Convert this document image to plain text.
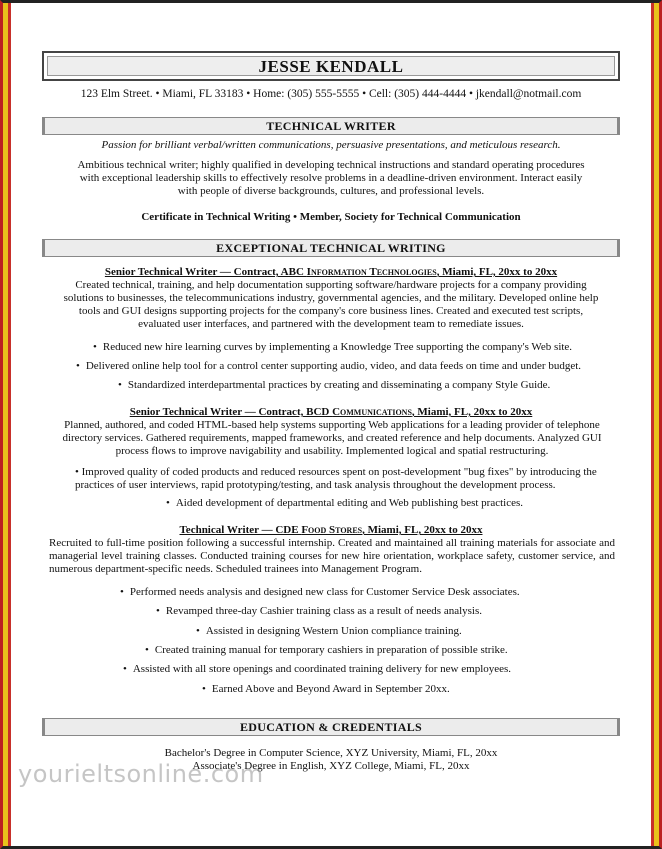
JESSE KENDALL
123 Elm Street. • Miami, FL 33183 • Home: (305) 555-5555 • Cell: (305) 444-4444 • jkendall@notmail.com
TECHNICAL WRITER
Passion for brilliant verbal/written communications, persuasive presentations, and meticulous research.
Ambitious technical writer; highly qualified in developing technical instructions and standard operating procedures with exceptional leadership skills to effectively resolve problems in a deadline-driven environment. Interact easily with people of diverse backgrounds, cultures, and professional levels.
Certificate in Technical Writing • Member, Society for Technical Communication
EXCEPTIONAL TECHNICAL WRITING
Senior Technical Writer — Contract, ABC Information Technologies, Miami, FL, 20xx to 20xx
Created technical, training, and help documentation supporting software/hardware projects for a company providing solutions to businesses, the telecommunications industry, governmental agencies, and the military. Developed online help tools and GUI designs supporting projects for the company's core business lines. Created and executed test scripts, evaluated user interfaces, and partnered with the development team to remediate issues.
• Reduced new hire learning curves by implementing a Knowledge Tree supporting the company's Web site.
• Delivered online help tool for a control center supporting audio, video, and data feeds on time and under budget.
• Standardized interdepartmental practices by creating and disseminating a company Style Guide.
Senior Technical Writer — Contract, BCD Communications, Miami, FL, 20xx to 20xx
Planned, authored, and coded HTML-based help systems supporting Web applications for a leading provider of telephone directory services. Gathered requirements, mapped frameworks, and created reference and help documents. Analyzed GUI process flows to improve navigability and usability. Implemented logical and spatial restructuring.
• Improved quality of coded products and reduced resources spent on post-development "bug fixes" by introducing the practices of user interviews, rapid prototyping/testing, and task analysis throughout the development process.
• Aided development of departmental editing and Web publishing best practices.
Technical Writer — CDE Food Stores, Miami, FL, 20xx to 20xx
Recruited to full-time position following a successful internship. Created and maintained all training materials for associate and managerial level training classes. Conducted training courses for new hire orientation, workplace safety, customer service, and numerous department-specific needs. Scheduled trainees into Management Program.
• Performed needs analysis and designed new class for Customer Service Desk associates.
• Revamped three-day Cashier training class as a result of needs analysis.
• Assisted in designing Western Union compliance training.
• Created training manual for temporary cashiers in preparation of possible strike.
• Assisted with all store openings and coordinated training delivery for new employees.
• Earned Above and Beyond Award in September 20xx.
EDUCATION & CREDENTIALS
Bachelor's Degree in Computer Science, XYZ University, Miami, FL, 20xx
Associate's Degree in English, XYZ College, Miami, FL, 20xx
yourieltsonline.com
